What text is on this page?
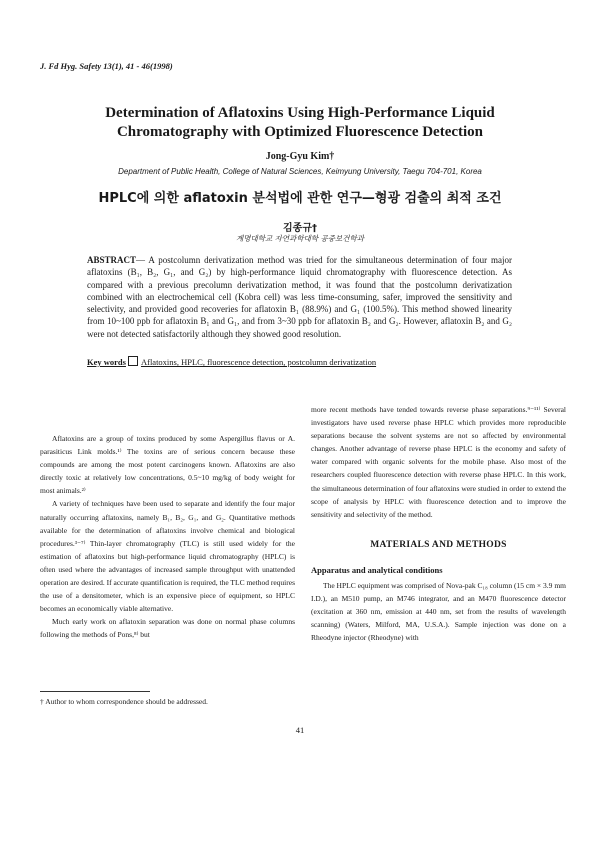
J. Fd Hyg. Safety 13(1), 41 - 46(1998)
Determination of Aflatoxins Using High-Performance Liquid
Chromatography with Optimized Fluorescence Detection
Jong-Gyu Kim†
Department of Public Health, College of Natural Sciences, Keimyung University, Taegu 704-701, Korea
HPLC에 의한 aflatoxin 분석법에 관한 연구—형광 검출의 최적 조건
김종규†
계명대학교 자연과학대학 공중보건학과
ABSTRACT— A postcolumn derivatization method was tried for the simultaneous determination of four major aflatoxins (B₁, B₂, G₁, and G₂) by high-performance liquid chromatography with fluorescence detection. As compared with a previous precolumn derivatization method, it was found that the postcolumn derivatization combined with an electrochemical cell (Kobra cell) was less time-consuming, safer, improved the sensitivity and selectivity, and provided good recoveries for aflatoxin B₁ (88.9%) and G₁ (100.5%). This method showed linearity from 10~100 ppb for aflatoxin B₁ and G₁, and from 3~30 ppb for aflatoxin B₂ and G₂. However, aflatoxin B₂ and G₂ were not detected satisfactorily although they showed good resolution.
Key words Aflatoxins, HPLC, fluorescence detection, postcolumn derivatization

Aflatoxins are a group of toxins produced by some Aspergillus flavus or A. parasiticus Link molds.¹⁾ The toxins are of serious concern because these compounds are among the most potent carcinogens known. Aflatoxins are also directly toxic at relatively low concentrations, 0.5~10 mg/kg of body weight for most animals.²⁾

A variety of techniques have been used to separate and identify the four major naturally occurring aflatoxins, namely B₁, B₂, G₁, and G₂. Quantitative methods available for the determination of aflatoxins involve chemical and biological procedures.³⁻⁷⁾ Thin-layer chromatography (TLC) is still used widely for the estimation of aflatoxins but high-performance liquid chromatography (HPLC) is often used where the advantages of increased sample throughput with unattended operation are desired. If accurate quantification is required, the TLC method requires the use of a densitometer, which is an expensive piece of equipment, so HPLC becomes an economically viable alternative.

Much early work on aflatoxin separation was done on normal phase columns following the methods of Pons,⁸⁾ but

more recent methods have tended towards reverse phase separations.⁹⁻¹¹⁾ Several investigators have used reverse phase HPLC which provides more reproducible separations because the solvent systems are not so affected by environmental changes. Another advantage of reverse phase HPLC is the economy and safety of water compared with organic solvents for the mobile phase. Also most of the researchers coupled fluorescence detection with reverse phase HPLC. In this work, the simultaneous determination of four aflatoxins were studied in order to extend the scope of analysis by HPLC with fluorescence detection and to improve the sensitivity and selectivity of the method.

MATERIALS AND METHODS
Apparatus and analytical conditions

The HPLC equipment was comprised of Nova-pak C₁₈ column (15 cm × 3.9 mm I.D.), an M510 pump, an M746 integrator, and an M470 fluorescence detector (excitation at 360 nm, emission at 440 nm, set from the results of wavelength scanning) (Waters, Milford, MA, U.S.A.). Sample injection was done on a Rheodyne injector (Rheodyne) with

† Author to whom correspondence should be addressed.
41
